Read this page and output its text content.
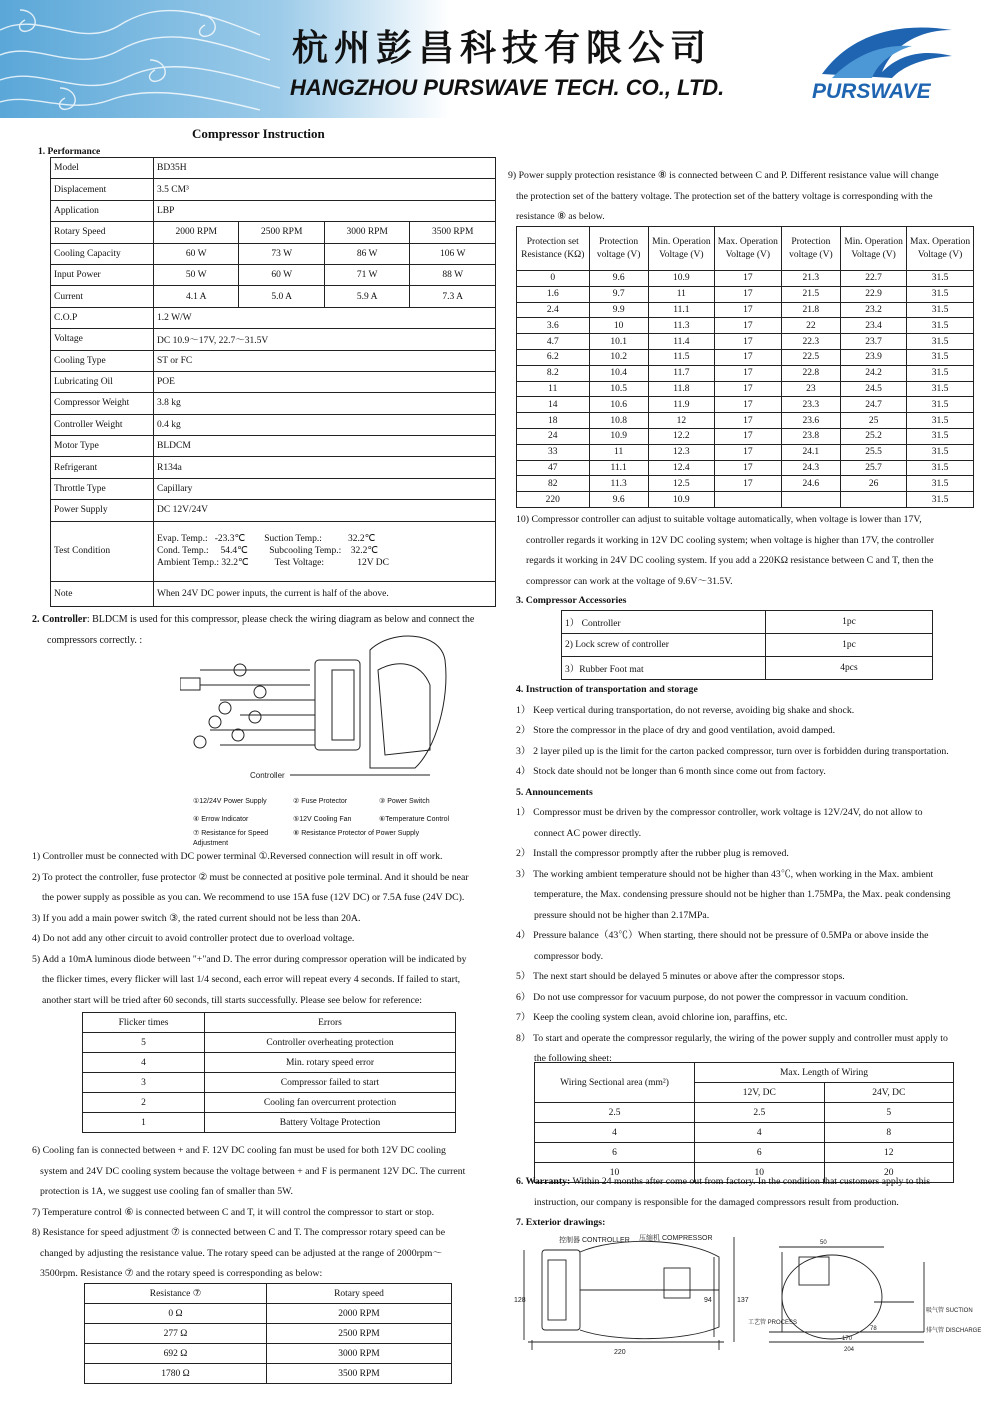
杭州彭昌科技有限公司
HANGZHOU PURSWAVE TECH. CO., LTD.	PURSWAVE
Compressor Instruction
1. Performance
Model	BD35H			
Displacement	3.5 CM³			
Application	LBP			
Rotary Speed	2000 RPM	2500 RPM	3000 RPM	3500 RPM
Cooling Capacity	60 W	73 W	86 W	106 W
Input Power	50 W	60 W	71 W	88 W
Current	4.1 A	5.0 A	5.9 A	7.3 A
C.O.P	1.2 W/W			
Voltage	DC 10.9～17V, 22.7～31.5V			
Cooling Type	ST or FC			
Lubricating Oil	POE			
Compressor Weight	3.8 kg			
Controller Weight	0.4 kg			
Motor Type	BLDCM			
Refrigerant	R134a			
Throttle Type	Capillary			
Power Supply	DC 12V/24V			
Test Condition	Evap. Temp.:   -23.3℃        Suction Temp.:           32.2℃
Cond. Temp.:     54.4℃         Subcooling Temp.:    32.2℃
Ambient Temp.: 32.2℃           Test Voltage:              12V DC			

Note	When 24V DC power inputs, the current is half of the above.			
2. Controller: BLDCM is used for this compressor, please check the wiring diagram as below and connect the
compressors correctly. :
Controller
①12/24V Power Supply	② Fuse Protector	③ Power Switch
④ Errow Indicator	⑤12V Cooling Fan	⑥Temperature Control
⑦ Resistance for Speed Adjustment
⑧ Resistance Protector of Power Supply
1) Controller must be connected with DC power terminal ①.Reversed connection will result in off work.
2) To protect the controller, fuse protector ② must be connected at positive pole terminal. And it should be near
the power supply as possible as you can. We recommend to use 15A fuse (12V DC) or 7.5A fuse (24V DC).
3) If you add a main power switch ③, the rated current should not be less than 20A.
4) Do not add any other circuit to avoid controller protect due to overload voltage.
5) Add a 10mA luminous diode between "+"and D. The error during compressor operation will be indicated by
the flicker times, every flicker will last 1/4 second, each error will repeat every 4 seconds. If failed to start,
another start will be tried after 60 seconds, till starts successfully. Please see below for reference:
Flicker times	Errors
5	Controller overheating protection
4	Min. rotary speed error
3	Compressor failed to start
2	Cooling fan overcurrent protection
1	Battery Voltage Protection
6) Cooling fan is connected between + and F. 12V DC cooling fan must be used for both 12V DC cooling
system and 24V DC cooling system because the voltage between + and F is permanent 12V DC. The current
protection is 1A, we suggest use cooling fan of smaller than 5W.
7) Temperature control ⑥ is connected between C and T, it will control the compressor to start or stop.
8) Resistance for speed adjustment ⑦ is connected between C and T. The compressor rotary speed can be
changed by adjusting the resistance value. The rotary speed can be adjusted at the range of 2000rpm～
3500rpm. Resistance ⑦ and the rotary speed is corresponding as below:
Resistance ⑦	Rotary speed
0 Ω	2000 RPM
277 Ω	2500 RPM
692 Ω	3000 RPM
1780 Ω	3500 RPM
9) Power supply protection resistance ⑧ is connected between C and P. Different resistance value will change
the protection set of the battery voltage. The protection set of the battery voltage is corresponding with the
resistance ⑧ as below.
Protection set Resistance (KΩ)	Protection voltage (V)	Min. Operation Voltage (V)	Max. Operation Voltage (V)	Protection voltage (V)	Min. Operation Voltage (V)	Max. Operation Voltage (V)
0	9.6	10.9	17	21.3	22.7	31.5
1.6	9.7	11	17	21.5	22.9	31.5
2.4	9.9	11.1	17	21.8	23.2	31.5
3.6	10	11.3	17	22	23.4	31.5
4.7	10.1	11.4	17	22.3	23.7	31.5
6.2	10.2	11.5	17	22.5	23.9	31.5
8.2	10.4	11.7	17	22.8	24.2	31.5
11	10.5	11.8	17	23	24.5	31.5
14	10.6	11.9	17	23.3	24.7	31.5
18	10.8	12	17	23.6	25	31.5
24	10.9	12.2	17	23.8	25.2	31.5
33	11	12.3	17	24.1	25.5	31.5
47	11.1	12.4	17	24.3	25.7	31.5
82	11.3	12.5	17	24.6	26	31.5
220	9.6	10.9				31.5
10) Compressor controller can adjust to suitable voltage automatically, when voltage is lower than 17V,
controller regards it working in 12V DC cooling system; when voltage is higher than 17V, the controller
regards it working in 24V DC cooling system. If you add a 220KΩ resistance between C and T, then the
compressor can work at the voltage of 9.6V～31.5V.
3. Compressor Accessories
1） Controller	1pc
2) Lock screw of controller	1pc
3）Rubber Foot mat	4pcs
4. Instruction of transportation and storage
1） Keep vertical during transportation, do not reverse, avoiding big shake and shock.
2） Store the compressor in the place of dry and good ventilation, avoid damped.
3） 2 layer piled up is the limit for the carton packed compressor, turn over is forbidden during transportation.
4） Stock date should not be longer than 6 month since come out from factory.
5. Announcements
1） Compressor must be driven by the compressor controller, work voltage is 12V/24V, do not allow to
connect AC power directly.
2） Install the compressor promptly after the rubber plug is removed.
3） The working ambient temperature should not be higher than 43℃, when working in the Max. ambient
temperature, the Max. condensing pressure should not be higher than 1.75MPa, the Max. peak condensing
pressure should not be higher than 2.17MPa.
4） Pressure balance（43℃）When starting, there should not be pressure of 0.5MPa or above inside the
compressor body.
5） The next start should be delayed 5 minutes or above after the compressor stops.
6） Do not use compressor for vacuum purpose, do not power the compressor in vacuum condition.
7） Keep the cooling system clean, avoid chlorine ion, paraffins, etc.
8） To start and operate the compressor regularly, the wiring of the power supply and controller must apply to
the following sheet:
Wiring Sectional area (mm²)	Max. Length of Wiring	
	12V, DC	24V, DC
2.5	2.5	5
4	4	8
6	6	12
10	10	20
6. Warranty: Within 24 months after come out from factory. In the condition that customers apply to this
instruction, our company is responsible for the damaged compressors result from production.
7. Exterior drawings:
控制器 CONTROLLER 压缩机 COMPRESSOR
220
128	94	137
50
78
170
204
吸气管 SUCTION
排气管 DISCHARGE
工艺管 PROCESS
